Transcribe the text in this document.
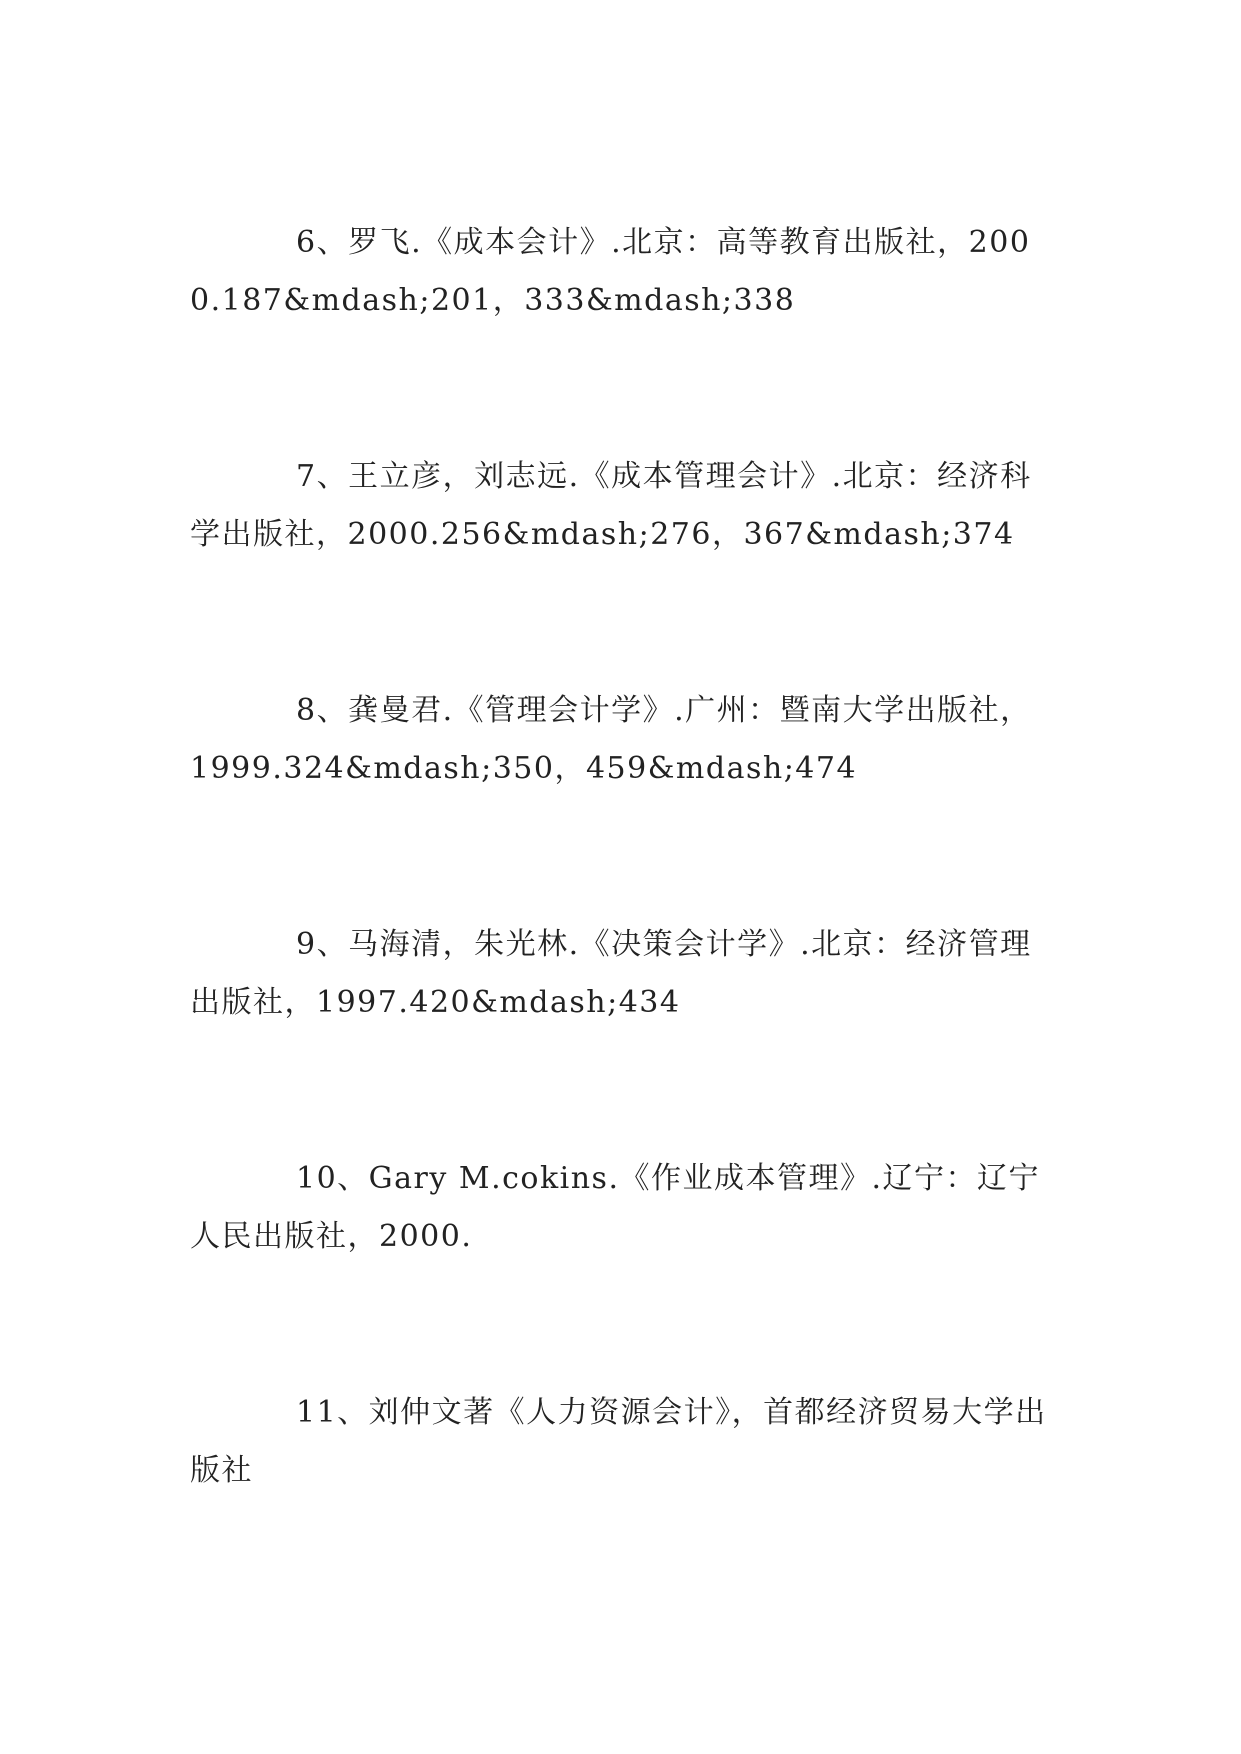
6、罗飞.《成本会计》.北京：高等教育出版社，2000.187&mdash;201，333&mdash;338

7、王立彦，刘志远.《成本管理会计》.北京：经济科学出版社，2000.256&mdash;276，367&mdash;374

8、龚曼君.《管理会计学》.广州：暨南大学出版社，1999.324&mdash;350，459&mdash;474

9、马海清，朱光林.《决策会计学》.北京：经济管理出版社，1997.420&mdash;434

10、Gary M.cokins.《作业成本管理》.辽宁：辽宁人民出版社，2000.

11、刘仲文著《人力资源会计》，首都经济贸易大学出版社
